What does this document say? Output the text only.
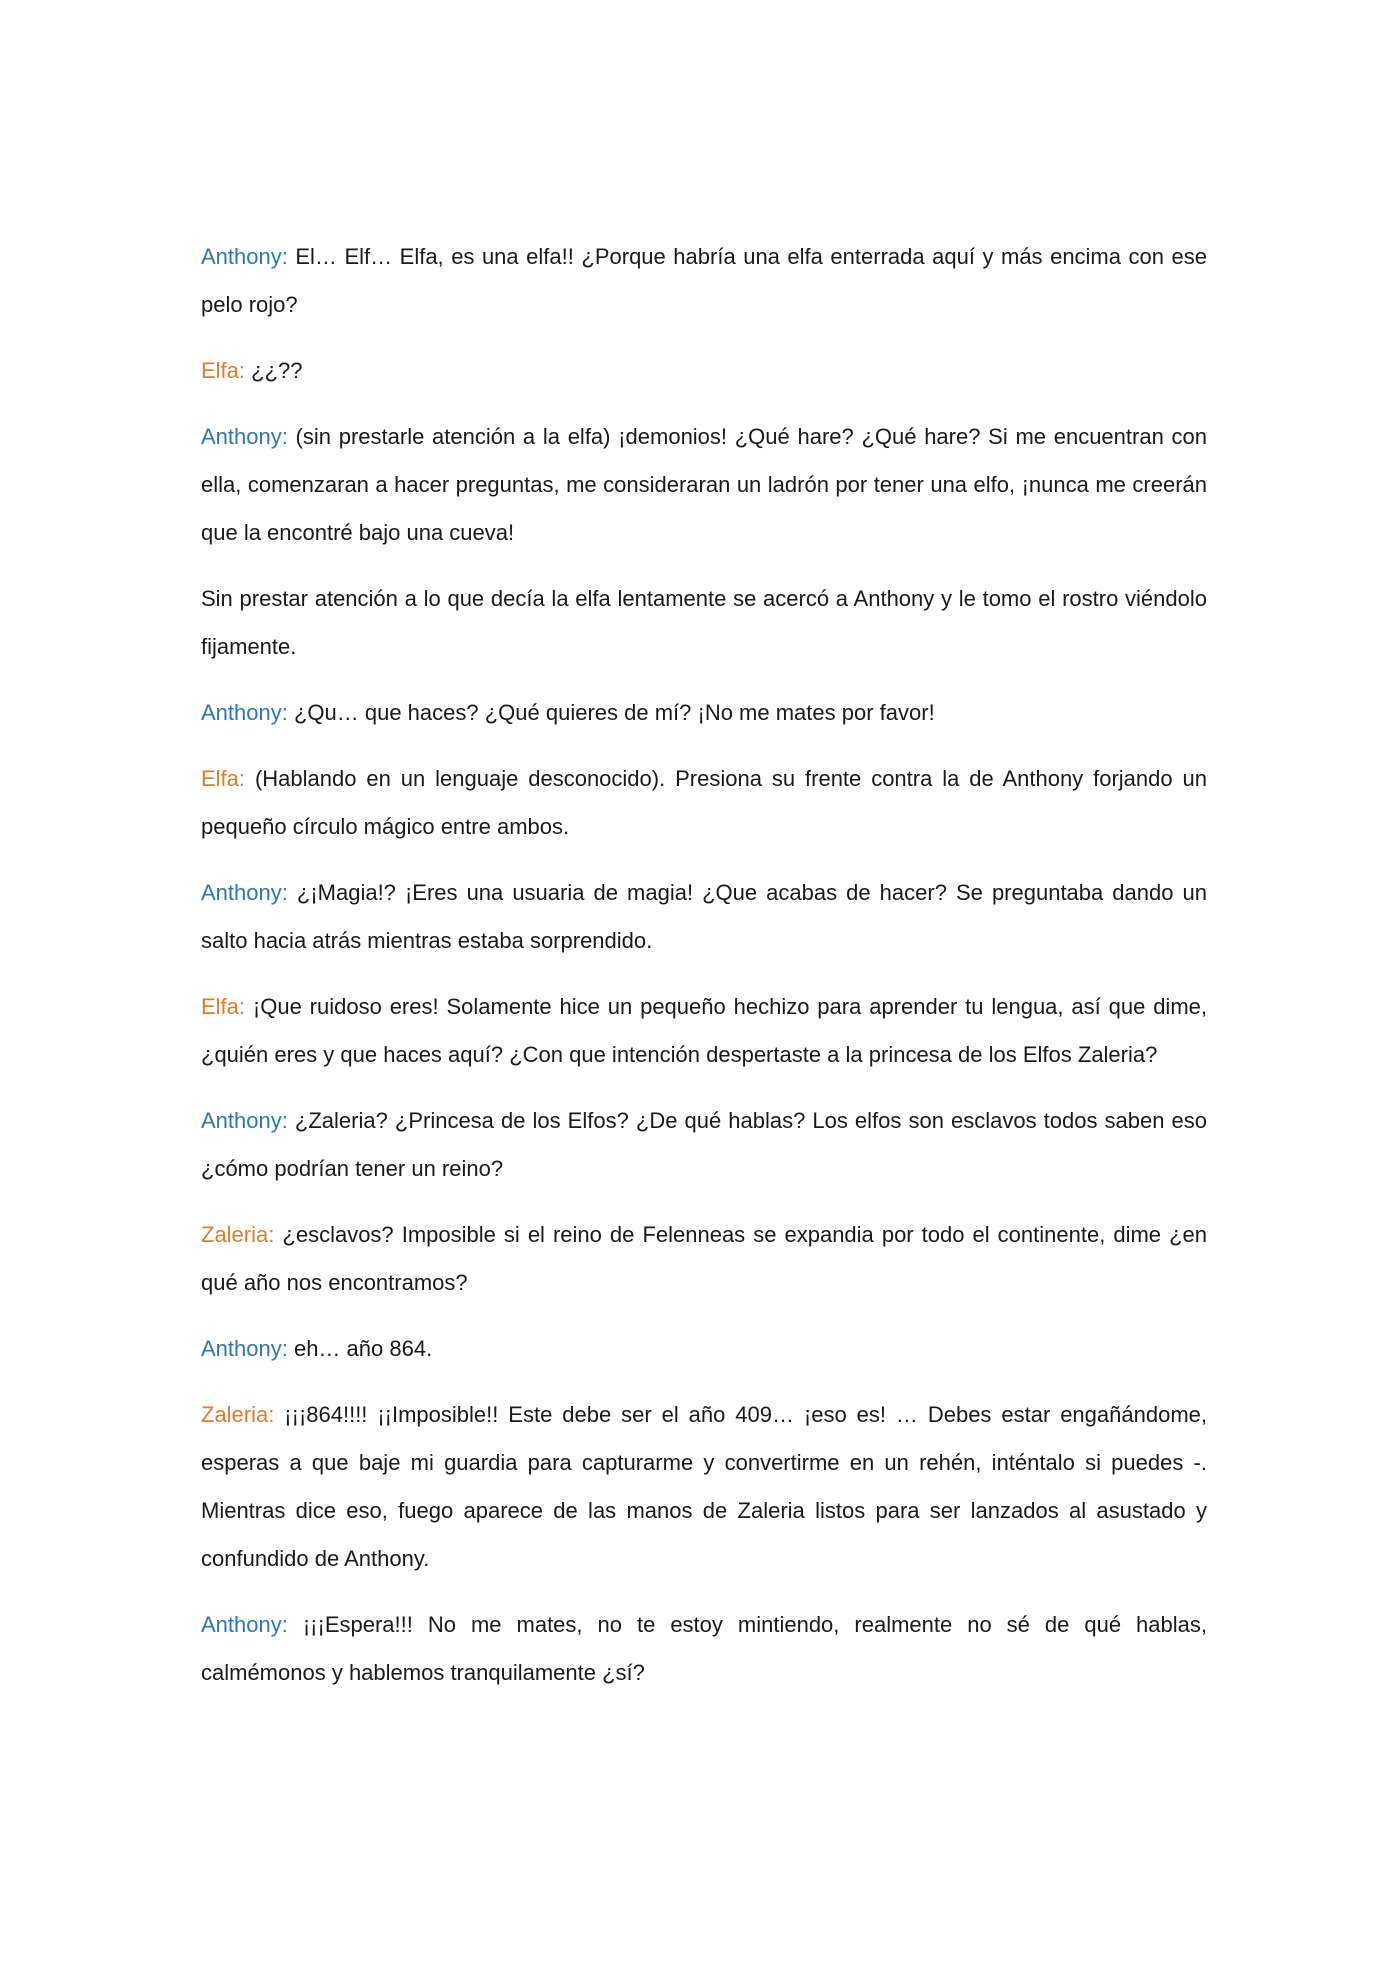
Anthony: El… Elf… Elfa, es una elfa!! ¿Porque habría una elfa enterrada aquí y más encima con ese pelo rojo?

Elfa: ¿¿??

Anthony: (sin prestarle atención a la elfa) ¡demonios! ¿Qué hare? ¿Qué hare? Si me encuentran con ella, comenzaran a hacer preguntas, me consideraran un ladrón por tener una elfo, ¡nunca me creerán que la encontré bajo una cueva!

Sin prestar atención a lo que decía la elfa lentamente se acercó a Anthony y le tomo el rostro viéndolo fijamente.

Anthony: ¿Qu… que haces? ¿Qué quieres de mí? ¡No me mates por favor!

Elfa: (Hablando en un lenguaje desconocido). Presiona su frente contra la de Anthony forjando un pequeño círculo mágico entre ambos.

Anthony: ¿¡Magia!? ¡Eres una usuaria de magia! ¿Que acabas de hacer? Se preguntaba dando un salto hacia atrás mientras estaba sorprendido.

Elfa: ¡Que ruidoso eres! Solamente hice un pequeño hechizo para aprender tu lengua, así que dime, ¿quién eres y que haces aquí? ¿Con que intención despertaste a la princesa de los Elfos Zaleria?

Anthony: ¿Zaleria? ¿Princesa de los Elfos? ¿De qué hablas? Los elfos son esclavos todos saben eso ¿cómo podrían tener un reino?

Zaleria: ¿esclavos? Imposible si el reino de Felenneas se expandia por todo el continente, dime ¿en qué año nos encontramos?

Anthony: eh… año 864.

Zaleria: ¡¡¡864!!!! ¡¡Imposible!! Este debe ser el año 409… ¡eso es! … Debes estar engañándome, esperas a que baje mi guardia para capturarme y convertirme en un rehén, inténtalo si puedes -. Mientras dice eso, fuego aparece de las manos de Zaleria listos para ser lanzados al asustado y confundido de Anthony.

Anthony: ¡¡¡Espera!!! No me mates, no te estoy mintiendo, realmente no sé de qué hablas, calmémonos y hablemos tranquilamente ¿sí?
